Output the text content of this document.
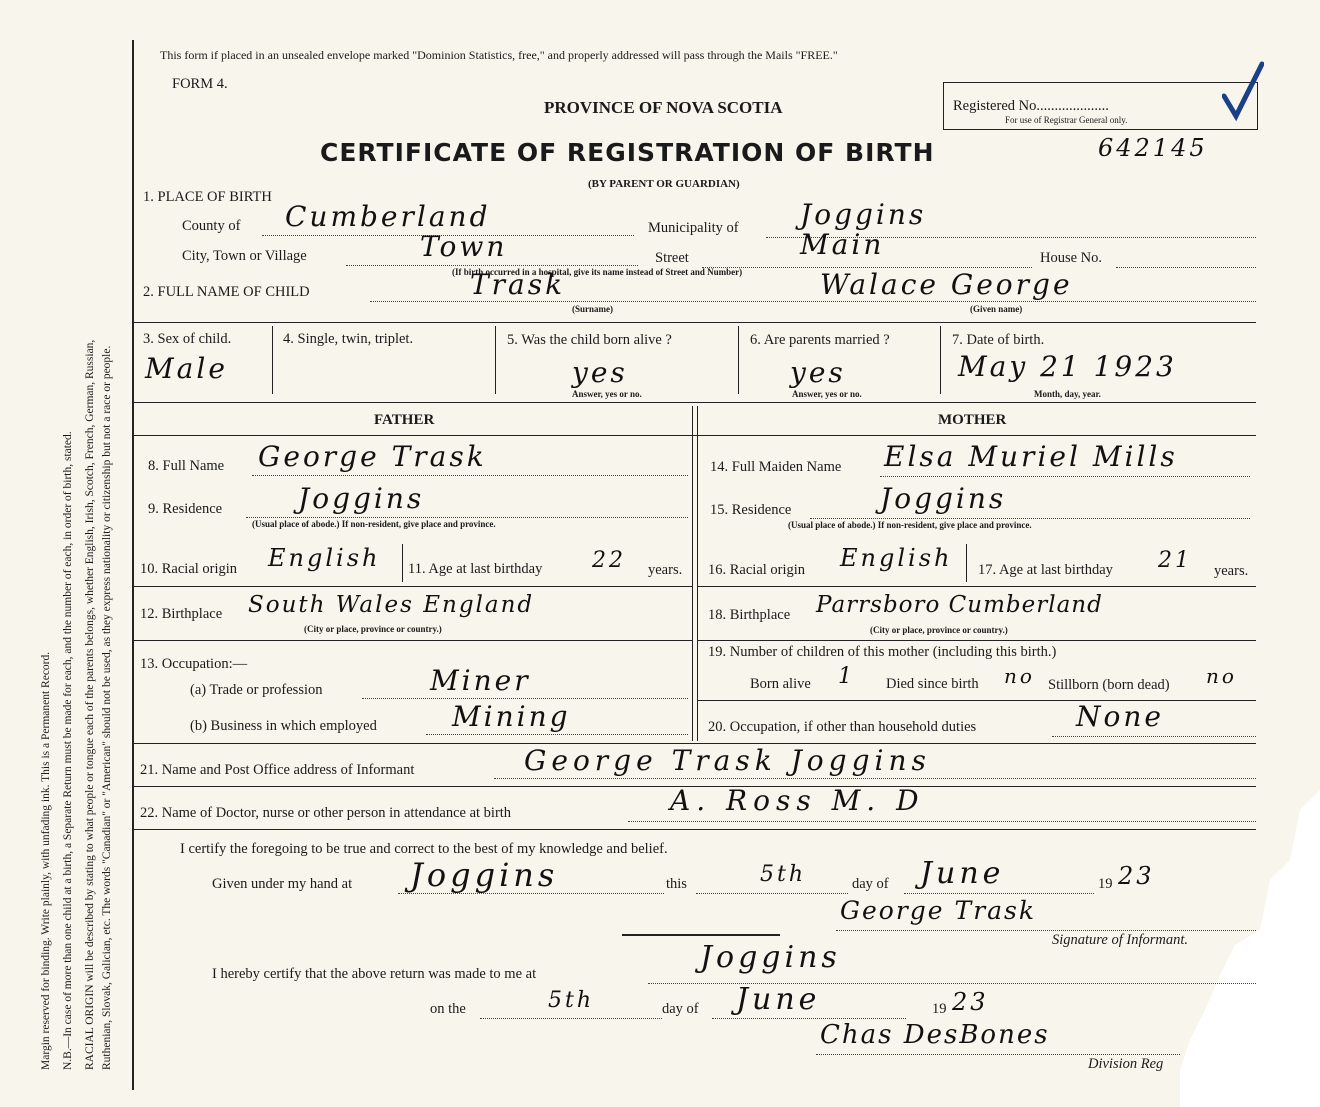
Margin reserved for binding. Write plainly, with unfading ink. This is a Permanent Record. N.B.—In case of more than one child at a birth, a Separate Return must be made for each, and the number of each, in order of birth, stated. RACIAL ORIGIN will be described by stating to what people or tongue each of the parents belongs, whether English, Irish, Scotch, French, German, Russian, Ruthenian, Slovak, Galician, etc. The words "Canadian" or "American" should not be used, as they express nationality or citizenship but not a race or people.
This form if placed in an unsealed envelope marked "Dominion Statistics, free," and properly addressed will pass through the Mails "FREE."
FORM 4.
PROVINCE OF NOVA SCOTIA
CERTIFICATE OF REGISTRATION OF BIRTH	642145
(BY PARENT OR GUARDIAN)
Registered No....................
For use of Registrar General only.
1. PLACE OF BIRTH
County of Cumberland	Municipality of Joggins
City, Town or Village	Town	Street	Main	House No.
(If birth occurred in a hospital, give its name instead of Street and Number)
2. FULL NAME OF CHILD	Trask	Walace George
(Surname)	(Given name)
3. Sex of child.
Male
4. Single, twin, triplet.	5. Was the child born alive ?
yes
Answer, yes or no.
6. Are parents married ?
yes
Answer, yes or no.
7. Date of birth.
May 21 1923
Month, day, year.
FATHER	MOTHER
8. Full Name George Trask	14. Full Maiden Name Elsa Muriel Mills
9. Residence	Joggins
(Usual place of abode.) If non-resident, give place and province.
15. Residence	Joggins
(Usual place of abode.) If non-resident, give place and province.
10. Racial origin English 11. Age at last birthday 22 years. 16. Racial origin English 17. Age at last birthday 21 years.
12. Birthplace South Wales England
(City or place, province or country.)
18. Birthplace Parrsboro Cumberland
(City or place, province or country.)
13. Occupation:—
(a) Trade or profession	Miner
(b) Business in which employed	Mining
19. Number of children of this mother (including this birth.)
Born alive 1 Died since birth no Stillborn (born dead) no
20. Occupation, if other than household duties	None
21. Name and Post Office address of Informant	George Trask Joggins
22. Name of Doctor, nurse or other person in attendance at birth	A. Ross M. D
I certify the foregoing to be true and correct to the best of my knowledge and belief.
Given under my hand at Joggins	this	5th	day of June	19 23
George Trask
Signature of Informant.
I hereby certify that the above return was made to me at	Joggins
on the	5th	day of June	19 23
Chas DesBones
Division Reg
